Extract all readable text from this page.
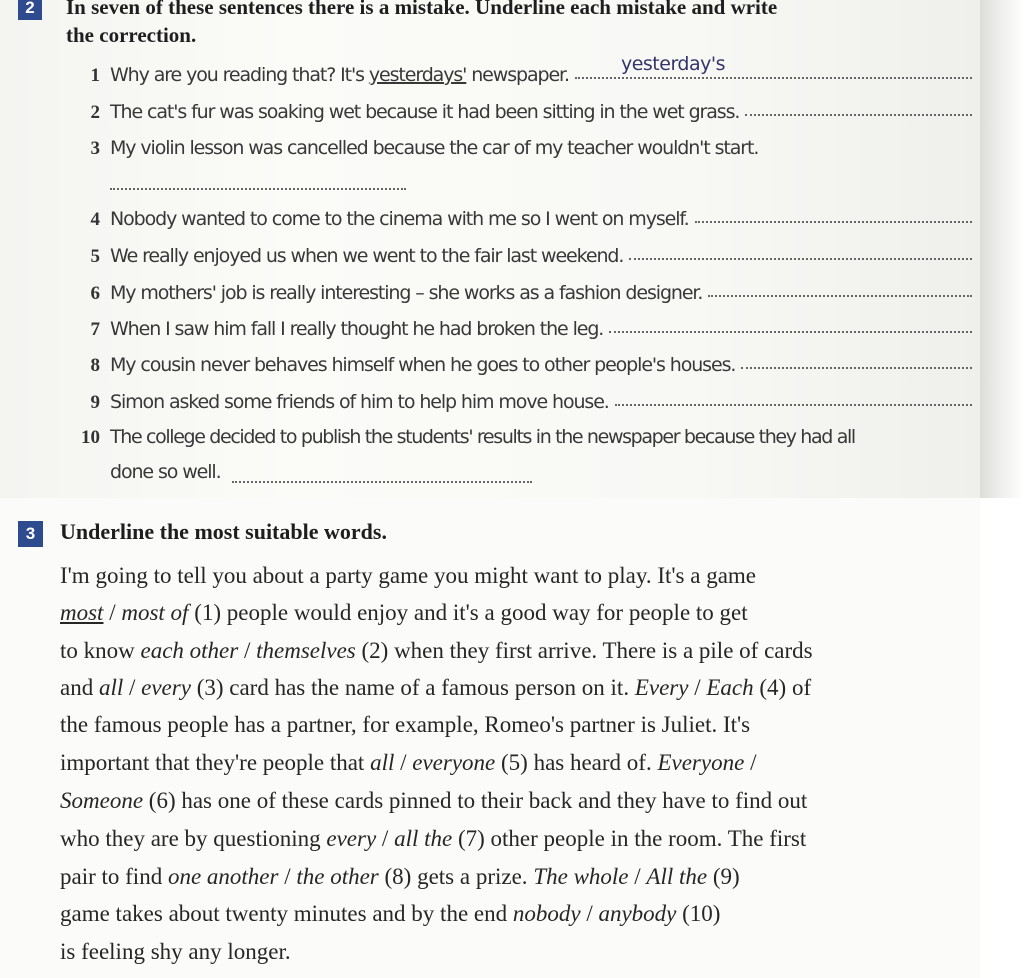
2 In seven of these sentences there is a mistake. Underline each mistake and write
the correction.
1 Why are you reading that? It's yesterdays' newspaper.	yesterday's
2 The cat's fur was soaking wet because it had been sitting in the wet grass.
3 My violin lesson was cancelled because the car of my teacher wouldn't start.
4 Nobody wanted to come to the cinema with me so I went on myself.
5 We really enjoyed us when we went to the fair last weekend.
6 My mothers' job is really interesting – she works as a fashion designer.
7 When I saw him fall I really thought he had broken the leg.
8 My cousin never behaves himself when he goes to other people's houses.
9 Simon asked some friends of him to help him move house.
10 The college decided to publish the students' results in the newspaper because they had all
done so well.
3 Underline the most suitable words.
I'm going to tell you about a party game you might want to play. It's a game
most / most of (1) people would enjoy and it's a good way for people to get
to know each other / themselves (2) when they first arrive. There is a pile of cards
and all / every (3) card has the name of a famous person on it. Every / Each (4) of
the famous people has a partner, for example, Romeo's partner is Juliet. It's
important that they're people that all / everyone (5) has heard of. Everyone /
Someone (6) has one of these cards pinned to their back and they have to find out
who they are by questioning every / all the (7) other people in the room. The first
pair to find one another / the other (8) gets a prize. The whole / All the (9)
game takes about twenty minutes and by the end nobody / anybody (10)
is feeling shy any longer.
